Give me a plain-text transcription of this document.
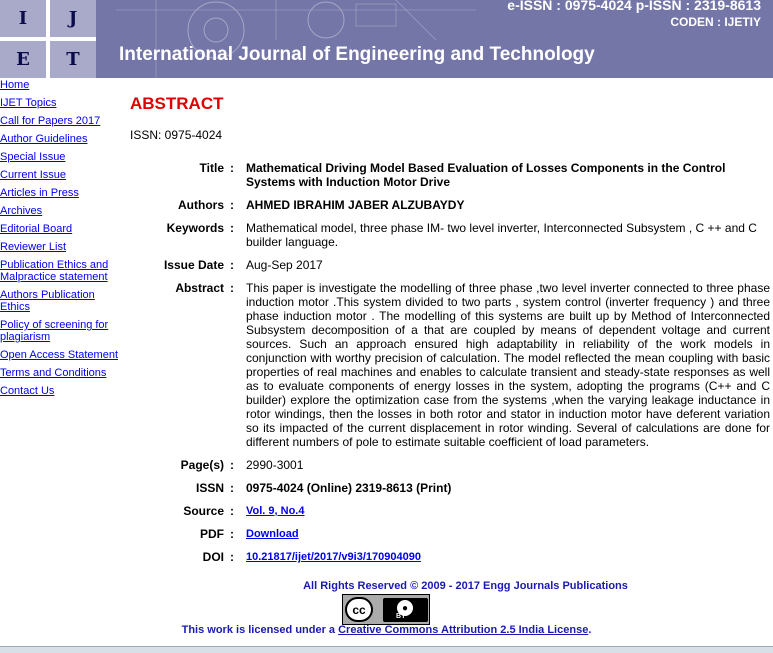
I	J
E	T	International Journal of Engineering and Technology
e-ISSN : 0975-4024 p-ISSN : 2319-8613
CODEN : IJETIY
Home
IJET Topics
Call for Papers 2017
Author Guidelines
Special Issue
Current Issue
Articles in Press
Archives
Editorial Board
Reviewer List
Publication Ethics and Malpractice statement
Authors Publication Ethics
Policy of screening for plagiarism
Open Access Statement
Terms and Conditions
Contact Us
ABSTRACT
ISSN: 0975-4024
Title :	Mathematical Driving Model Based Evaluation of Losses Components in the Control Systems with Induction Motor Drive
Authors :	AHMED IBRAHIM JABER ALZUBAYDY
Keywords :	Mathematical model, three phase IM- two level inverter, Interconnected Subsystem , C ++ and C builder language.
Issue Date :	Aug-Sep 2017
Abstract :	This paper is investigate the modelling of three phase ,two level inverter connected to three phase induction motor .This system divided to two parts , system control (inverter frequency ) and three phase induction motor . The modelling of this systems are built up by Method of Interconnected Subsystem decomposition of a that are coupled by means of dependent voltage and current sources. Such an approach ensured high adaptability in reliability of the work models in conjunction with worthy precision of calculation. The model reflected the mean coupling with basic properties of real machines and enables to calculate transient and steady-state responses as well as to evaluate components of energy losses in the system, adopting the programs (C++ and C builder) explore the optimization case from the systems ,when the varying leakage inductance in rotor windings, then the losses in both rotor and stator in induction motor have deferent variation so its impacted of the current displacement in rotor winding. Several of calculations are done for different numbers of pole to estimate suitable coefficient of load parameters.
Page(s) :	2990-3001
ISSN :	0975-4024 (Online) 2319-8613 (Print)
Source :	Vol. 9, No.4
PDF :	Download
DOI :	10.21817/ijet/2017/v9i3/170904090
All Rights Reserved © 2009 - 2017 Engg Journals Publications
cc	●
BY
This work is licensed under a Creative Commons Attribution 2.5 India License.
